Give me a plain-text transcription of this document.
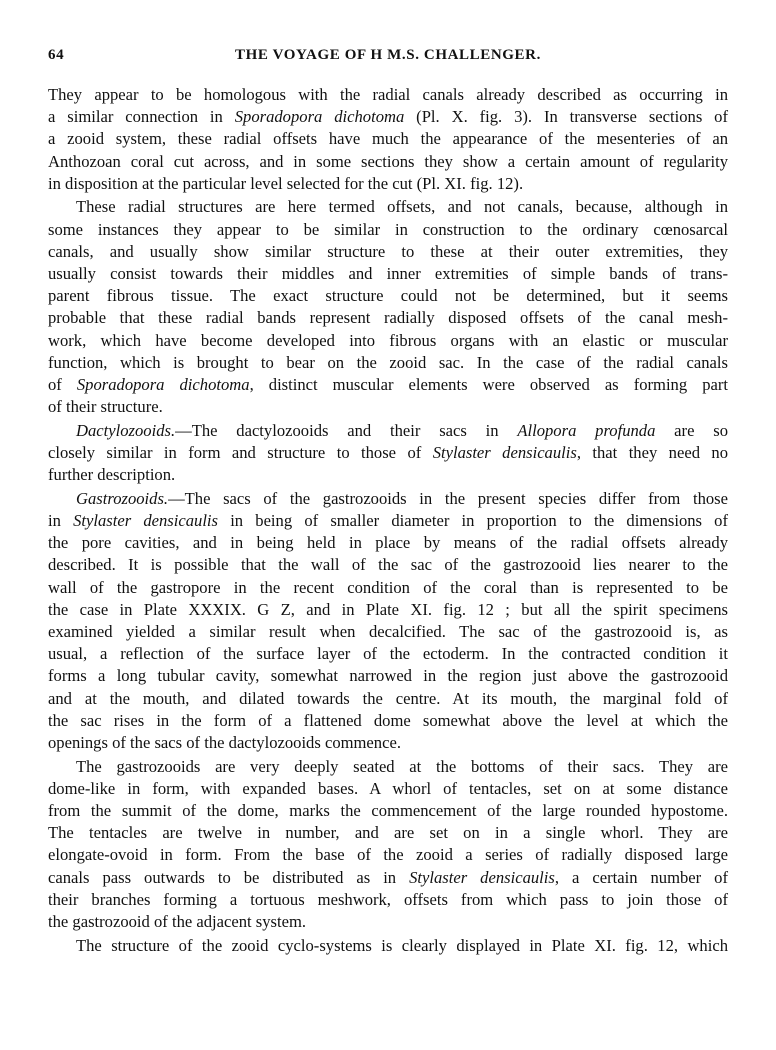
64	THE VOYAGE OF H M.S. CHALLENGER.

They appear to be homologous with the radial canals already described as occurring in
a similar connection in Sporadopora dichotoma (Pl. X. fig. 3). In transverse sections of
a zooid system, these radial offsets have much the appearance of the mesenteries of an
Anthozoan coral cut across, and in some sections they show a certain amount of regularity
in disposition at the particular level selected for the cut (Pl. XI. fig. 12).

These radial structures are here termed offsets, and not canals, because, although in
some instances they appear to be similar in construction to the ordinary cœnosarcal
canals, and usually show similar structure to these at their outer extremities, they
usually consist towards their middles and inner extremities of simple bands of trans-
parent fibrous tissue. The exact structure could not be determined, but it seems
probable that these radial bands represent radially disposed offsets of the canal mesh-
work, which have become developed into fibrous organs with an elastic or muscular
function, which is brought to bear on the zooid sac. In the case of the radial canals
of Sporadopora dichotoma, distinct muscular elements were observed as forming part
of their structure.

Dactylozooids.—The dactylozooids and their sacs in Allopora profunda are so
closely similar in form and structure to those of Stylaster densicaulis, that they need no
further description.

Gastrozooids.—The sacs of the gastrozooids in the present species differ from those
in Stylaster densicaulis in being of smaller diameter in proportion to the dimensions of
the pore cavities, and in being held in place by means of the radial offsets already
described. It is possible that the wall of the sac of the gastrozooid lies nearer to the
wall of the gastropore in the recent condition of the coral than is represented to be
the case in Plate XXXIX. G Z, and in Plate XI. fig. 12 ; but all the spirit specimens
examined yielded a similar result when decalcified. The sac of the gastrozooid is, as
usual, a reflection of the surface layer of the ectoderm. In the contracted condition it
forms a long tubular cavity, somewhat narrowed in the region just above the gastrozooid
and at the mouth, and dilated towards the centre. At its mouth, the marginal fold of
the sac rises in the form of a flattened dome somewhat above the level at which the
openings of the sacs of the dactylozooids commence.

The gastrozooids are very deeply seated at the bottoms of their sacs. They are
dome-like in form, with expanded bases. A whorl of tentacles, set on at some distance
from the summit of the dome, marks the commencement of the large rounded hypostome.
The tentacles are twelve in number, and are set on in a single whorl. They are
elongate-ovoid in form. From the base of the zooid a series of radially disposed large
canals pass outwards to be distributed as in Stylaster densicaulis, a certain number of
their branches forming a tortuous meshwork, offsets from which pass to join those of
the gastrozooid of the adjacent system.

The structure of the zooid cyclo-systems is clearly displayed in Plate XI. fig. 12, which
